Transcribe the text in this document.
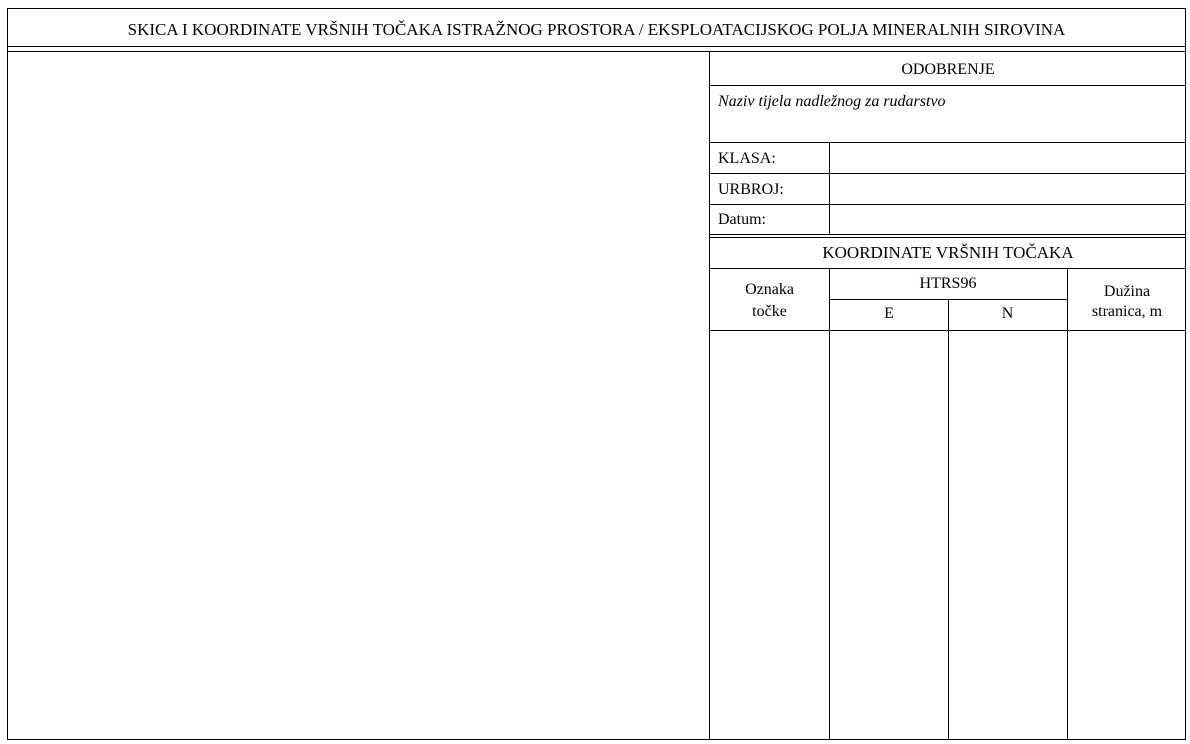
SKICA I KOORDINATE VRŠNIH TOČAKA ISTRAŽNOG PROSTORA / EKSPLOATACIJSKOG POLJA MINERALNIH SIROVINA
ODOBRENJE
Naziv tijela nadležnog za rudarstvo
KLASA:
URBROJ:
Datum:
KOORDINATE VRŠNIH TOČAKA
Oznaka
točke
HTRS96
E	N
Dužina
stranica, m
